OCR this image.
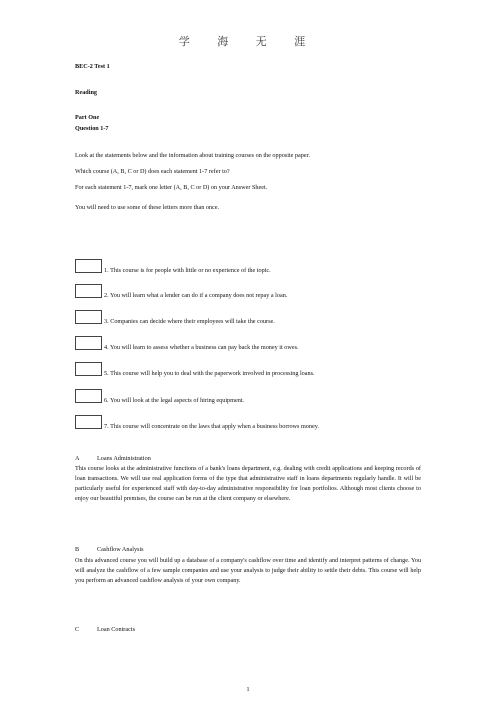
学 海 无 涯
BEC-2 Test 1
Reading
Part One
Question 1-7
Look at the statements below and the information about training courses on the opposite paper.
Which course (A, B, C or D) does each statement 1-7 refer to?
For each statement 1-7, mark one letter (A, B, C or D) on your Answer Sheet.
You will need to use some of these letters more than once.
1. This course is for people with little or no experience of the topic.
2. You will learn what a lender can do if a company does not repay a loan.
3. Companies can decide where their employees will take the course.
4. You will learn to assess whether a business can pay back the money it owes.
5. This course will help you to deal with the paperwork involved in processing loans.
6. You will look at the legal aspects of hiring equipment.
7. This course will concentrate on the laws that apply when a business borrows money.
A	Loans Administration
This course looks at the administrative functions of a bank's loans department, e.g. dealing with credit applications and keeping records of loan transactions. We will use real application forms of the type that administrative staff in loans departments regularly handle. It will be particularly useful for experienced staff with day-to-day administrative responsibility for loan portfolios. Although most clients choose to enjoy our beautiful premises, the course can be run at the client company or elsewhere.
B	Cashflow Analysis
On this advanced course you will build up a database of a company's cashflow over time and identify and interpret patterns of change. You will analyze the cashflow of a few sample companies and use your analysis to judge their ability to settle their debts. This course will help you perform an advanced cashflow analysis of your own company.
C	Loan Contracts
1
